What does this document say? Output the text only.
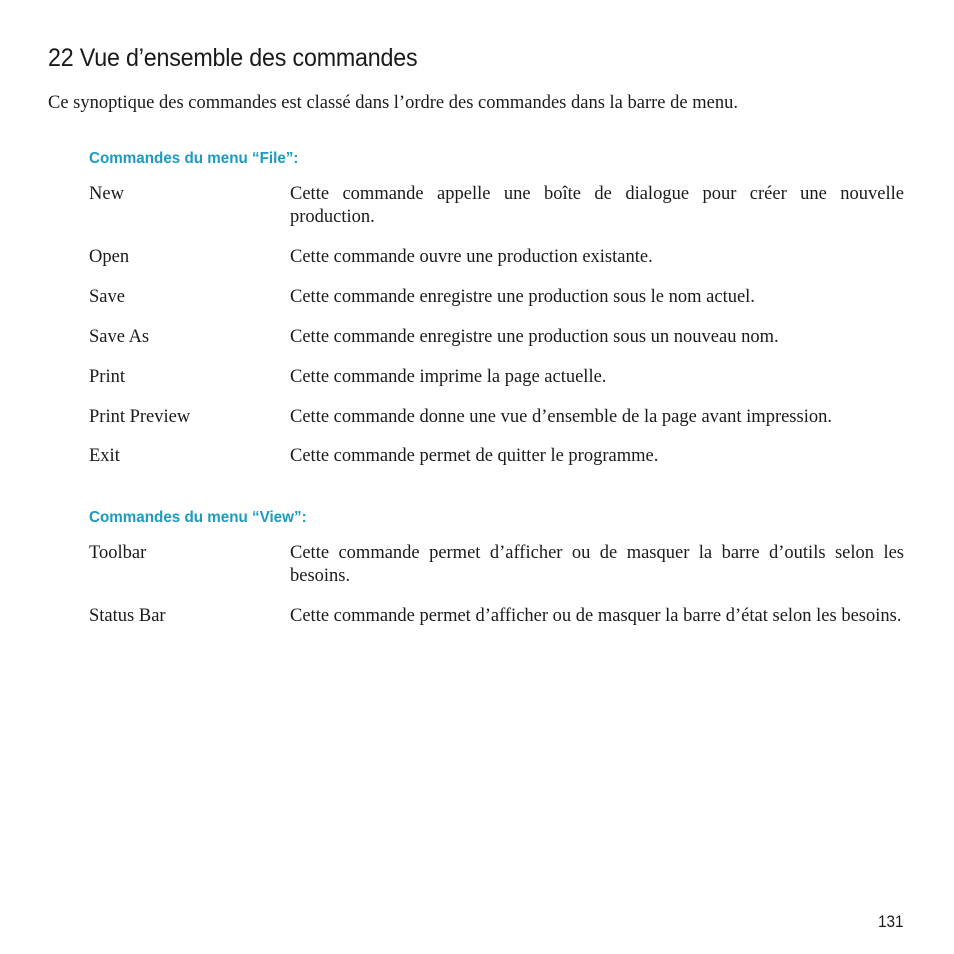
22 Vue d’ensemble des commandes

Ce synoptique des commandes est classé dans l’ordre des commandes dans la barre de menu.

Commandes du menu “File”:
New	Cette commande appelle une boîte de dialogue pour créer une nouvelle production.
Open	Cette commande ouvre une production existante.
Save	Cette commande enregistre une production sous le nom actuel.
Save As	Cette commande enregistre une production sous un nouveau nom.
Print	Cette commande imprime la page actuelle.
Print Preview	Cette commande donne une vue d’ensemble de la page avant impression.
Exit	Cette commande permet de quitter le programme.
Commandes du menu “View”:
Toolbar	Cette commande permet d’afficher ou de masquer la barre d’outils selon les besoins.
Status Bar	Cette commande permet d’afficher ou de masquer la barre d’état selon les besoins.
131
